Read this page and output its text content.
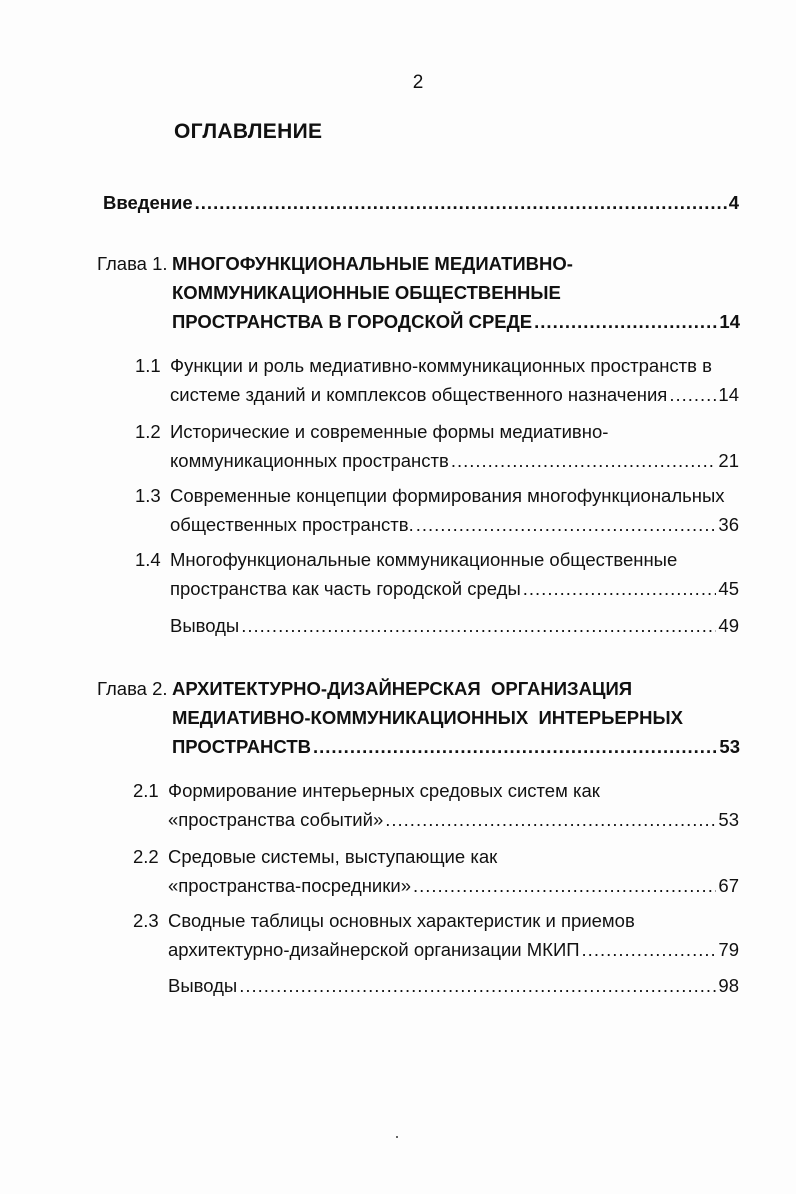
2
ОГЛАВЛЕНИЕ
Введение .....	4
Глава 1. МНОГОФУНКЦИОНАЛЬНЫЕ МЕДИАТИВНО-
КОММУНИКАЦИОННЫЕ ОБЩЕСТВЕННЫЕ
ПРОСТРАНСТВА В ГОРОДСКОЙ СРЕДЕ .....	14
1.1 Функции и роль медиативно-коммуникационных пространств в
системе зданий и комплексов общественного назначения .....	14
1.2 Исторические и современные формы медиативно-
коммуникационных пространств .....	21
1.3 Современные концепции формирования многофункциональных
общественных пространств. .....	36
1.4 Многофункциональные коммуникационные общественные
пространства как часть городской среды .....	45
Выводы .....	49
Глава 2. АРХИТЕКТУРНО-ДИЗАЙНЕРСКАЯ  ОРГАНИЗАЦИЯ
МЕДИАТИВНО-КОММУНИКАЦИОННЫХ  ИНТЕРЬЕРНЫХ
ПРОСТРАНСТВ .....	53
2.1 Формирование интерьерных средовых систем как
«пространства событий» .....	53
2.2 Средовые системы, выступающие как
«пространства-посредники» .....	67
2.3 Сводные таблицы основных характеристик и приемов
архитектурно-дизайнерской организации МКИП .....	79
Выводы .....	98
